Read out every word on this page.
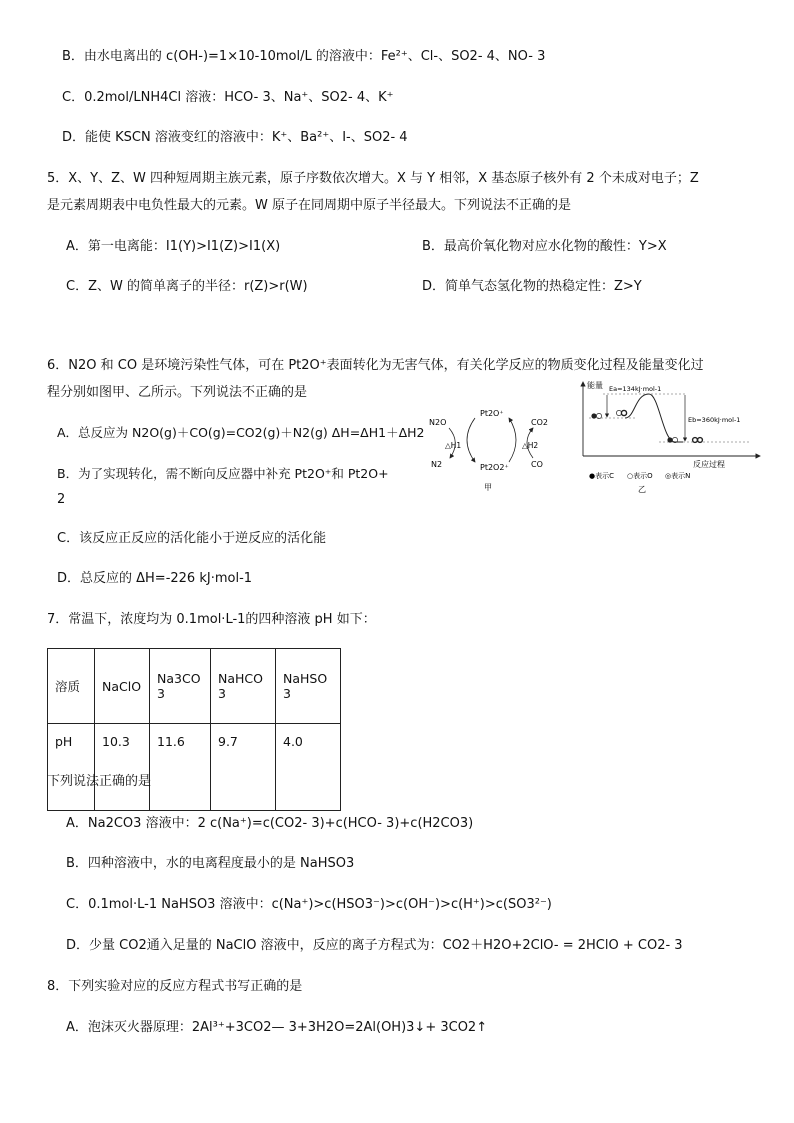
B．由水电离出的 c(OH-)=1×10-10mol/L 的溶液中：Fe²⁺、Cl-、SO2- 4、NO- 3
C．0.2mol/LNH4Cl 溶液：HCO- 3、Na⁺、SO2- 4、K⁺
D．能使 KSCN 溶液变红的溶液中：K⁺、Ba²⁺、I-、SO2- 4
5．X、Y、Z、W 四种短周期主族元素，原子序数依次增大。X 与 Y 相邻，X 基态原子核外有 2 个未成对电子；Z
是元素周期表中电负性最大的元素。W 原子在同周期中原子半径最大。下列说法不正确的是
A．第一电离能：I1(Y)>I1(Z)>I1(X)	B．最高价氧化物对应水化物的酸性：Y>X
C．Z、W 的简单离子的半径：r(Z)>r(W)	D．简单气态氢化物的热稳定性：Z>Y
6．N2O 和 CO 是环境污染性气体，可在 Pt2O⁺表面转化为无害气体，有关化学反应的物质变化过程及能量变化过
程分别如图甲、乙所示。下列说法不正确的是
A．总反应为 N2O(g)＋CO(g)=CO2(g)＋N2(g) ΔH=ΔH1＋ΔH2
B．为了实现转化，需不断向反应器中补充 Pt2O⁺和 Pt2O+
2
C．该反应正反应的活化能小于逆反应的活化能
D．总反应的 ΔH=-226 kJ·mol-1
N2O
N2
Pt2O⁺
Pt2O2⁺
CO2
CO
△H1	△H2
甲
能量
反应过程
Ea=134kJ·mol-1
Eb=360kJ·mol-1
●表示C ○表示O ◎表示N
乙
7．常温下，浓度均为 0.1mol·L-1的四种溶液 pH 如下：
溶质	NaClO	Na3CO3	NaHCO3	NaHSO3
pH	10.3	11.6	9.7	4.0
下列说法正确的是
A．Na2CO3 溶液中：2 c(Na⁺)=c(CO2- 3)+c(HCO- 3)+c(H2CO3)
B．四种溶液中，水的电离程度最小的是 NaHSO3
C．0.1mol·L-1 NaHSO3 溶液中：c(Na⁺)>c(HSO3⁻)>c(OH⁻)>c(H⁺)>c(SO3²⁻)
D．少量 CO2通入足量的 NaClO 溶液中，反应的离子方程式为：CO2＋H2O+2ClO- = 2HClO + CO2- 3
8．下列实验对应的反应方程式书写正确的是
A．泡沫灭火器原理：2Al³⁺+3CO2— 3+3H2O=2Al(OH)3↓+ 3CO2↑
